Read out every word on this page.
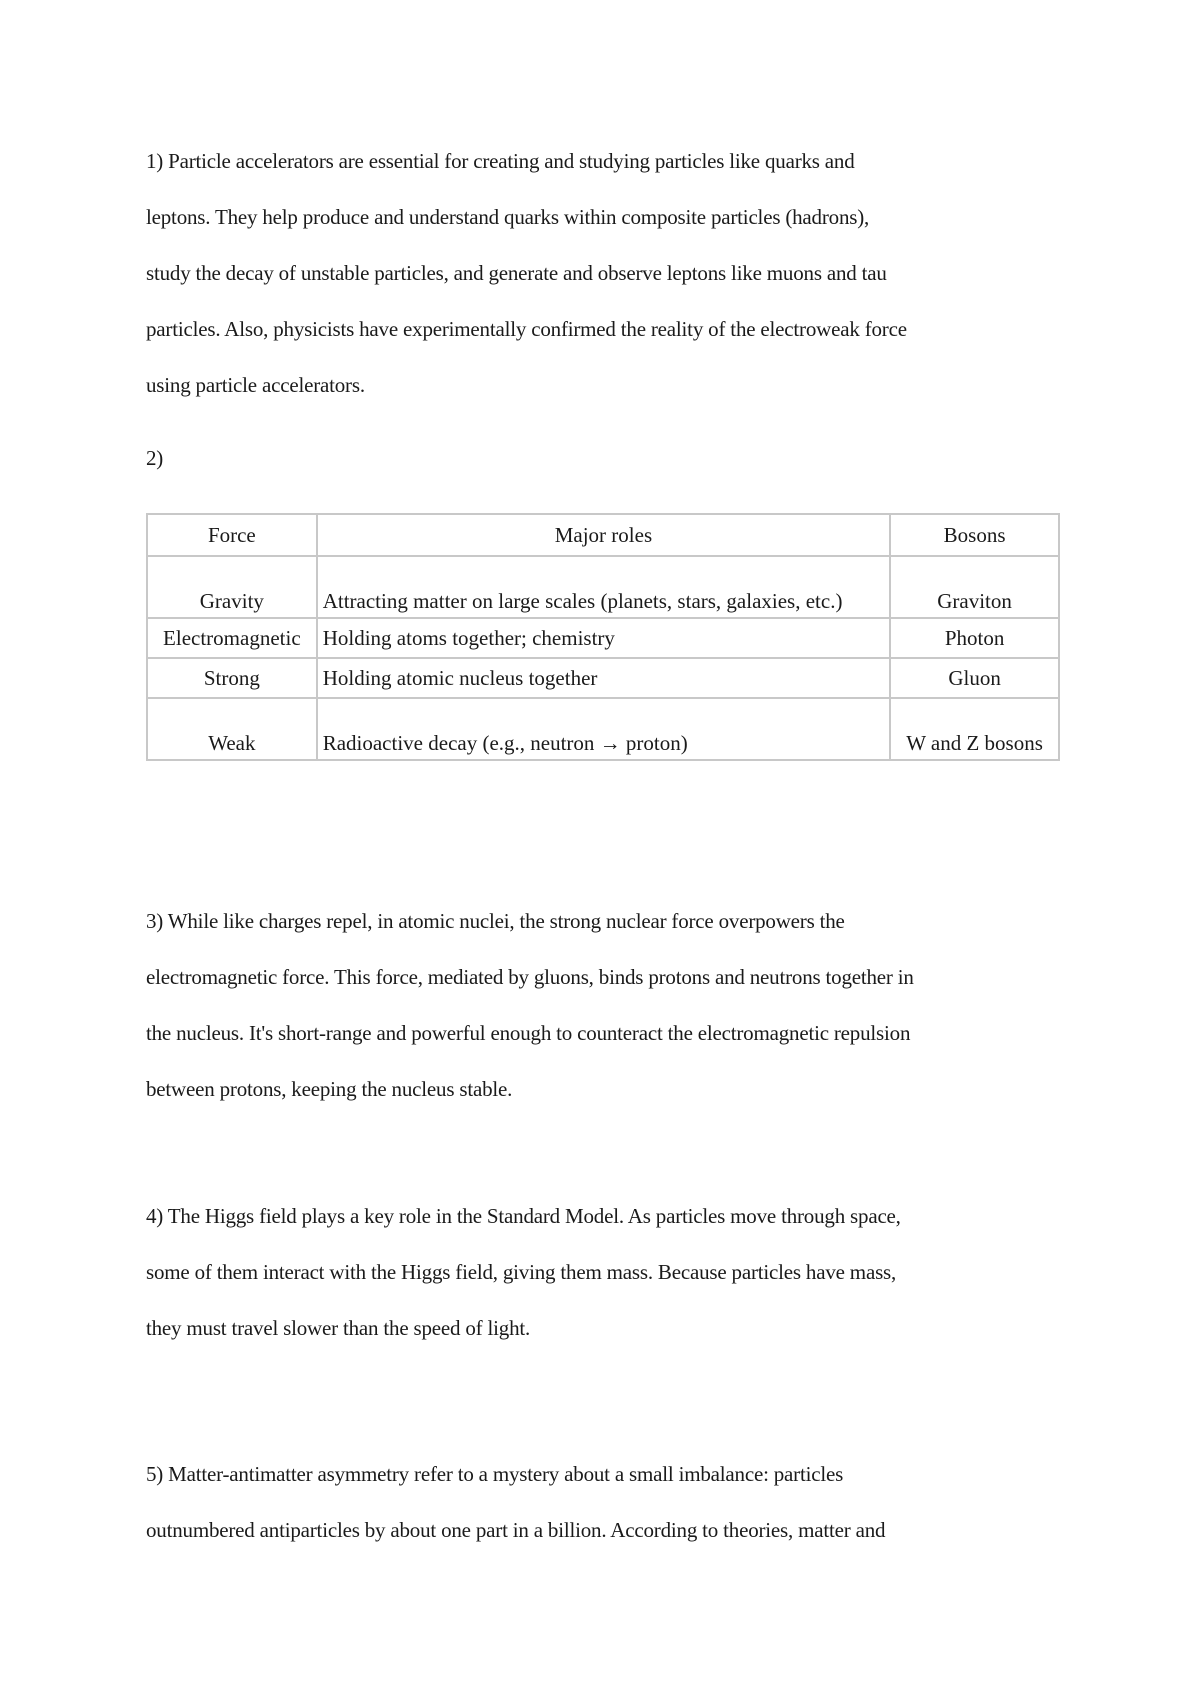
1) Particle accelerators are essential for creating and studying particles like quarks and
leptons. They help produce and understand quarks within composite particles (hadrons),
study the decay of unstable particles, and generate and observe leptons like muons and tau
particles. Also, physicists have experimentally confirmed the reality of the electroweak force
using particle accelerators.

2)

Force	Major roles	Bosons
Gravity	Attracting matter on large scales (planets, stars, galaxies, etc.)	Graviton
Electromagnetic	Holding atoms together; chemistry	Photon
Strong	Holding atomic nucleus together	Gluon
Weak	Radioactive decay (e.g., neutron → proton)	W and Z bosons

3) While like charges repel, in atomic nuclei, the strong nuclear force overpowers the
electromagnetic force. This force, mediated by gluons, binds protons and neutrons together in
the nucleus. It's short-range and powerful enough to counteract the electromagnetic repulsion
between protons, keeping the nucleus stable.

4) The Higgs field plays a key role in the Standard Model. As particles move through space,
some of them interact with the Higgs field, giving them mass. Because particles have mass,
they must travel slower than the speed of light.

5) Matter-antimatter asymmetry refer to a mystery about a small imbalance: particles
outnumbered antiparticles by about one part in a billion. According to theories, matter and
